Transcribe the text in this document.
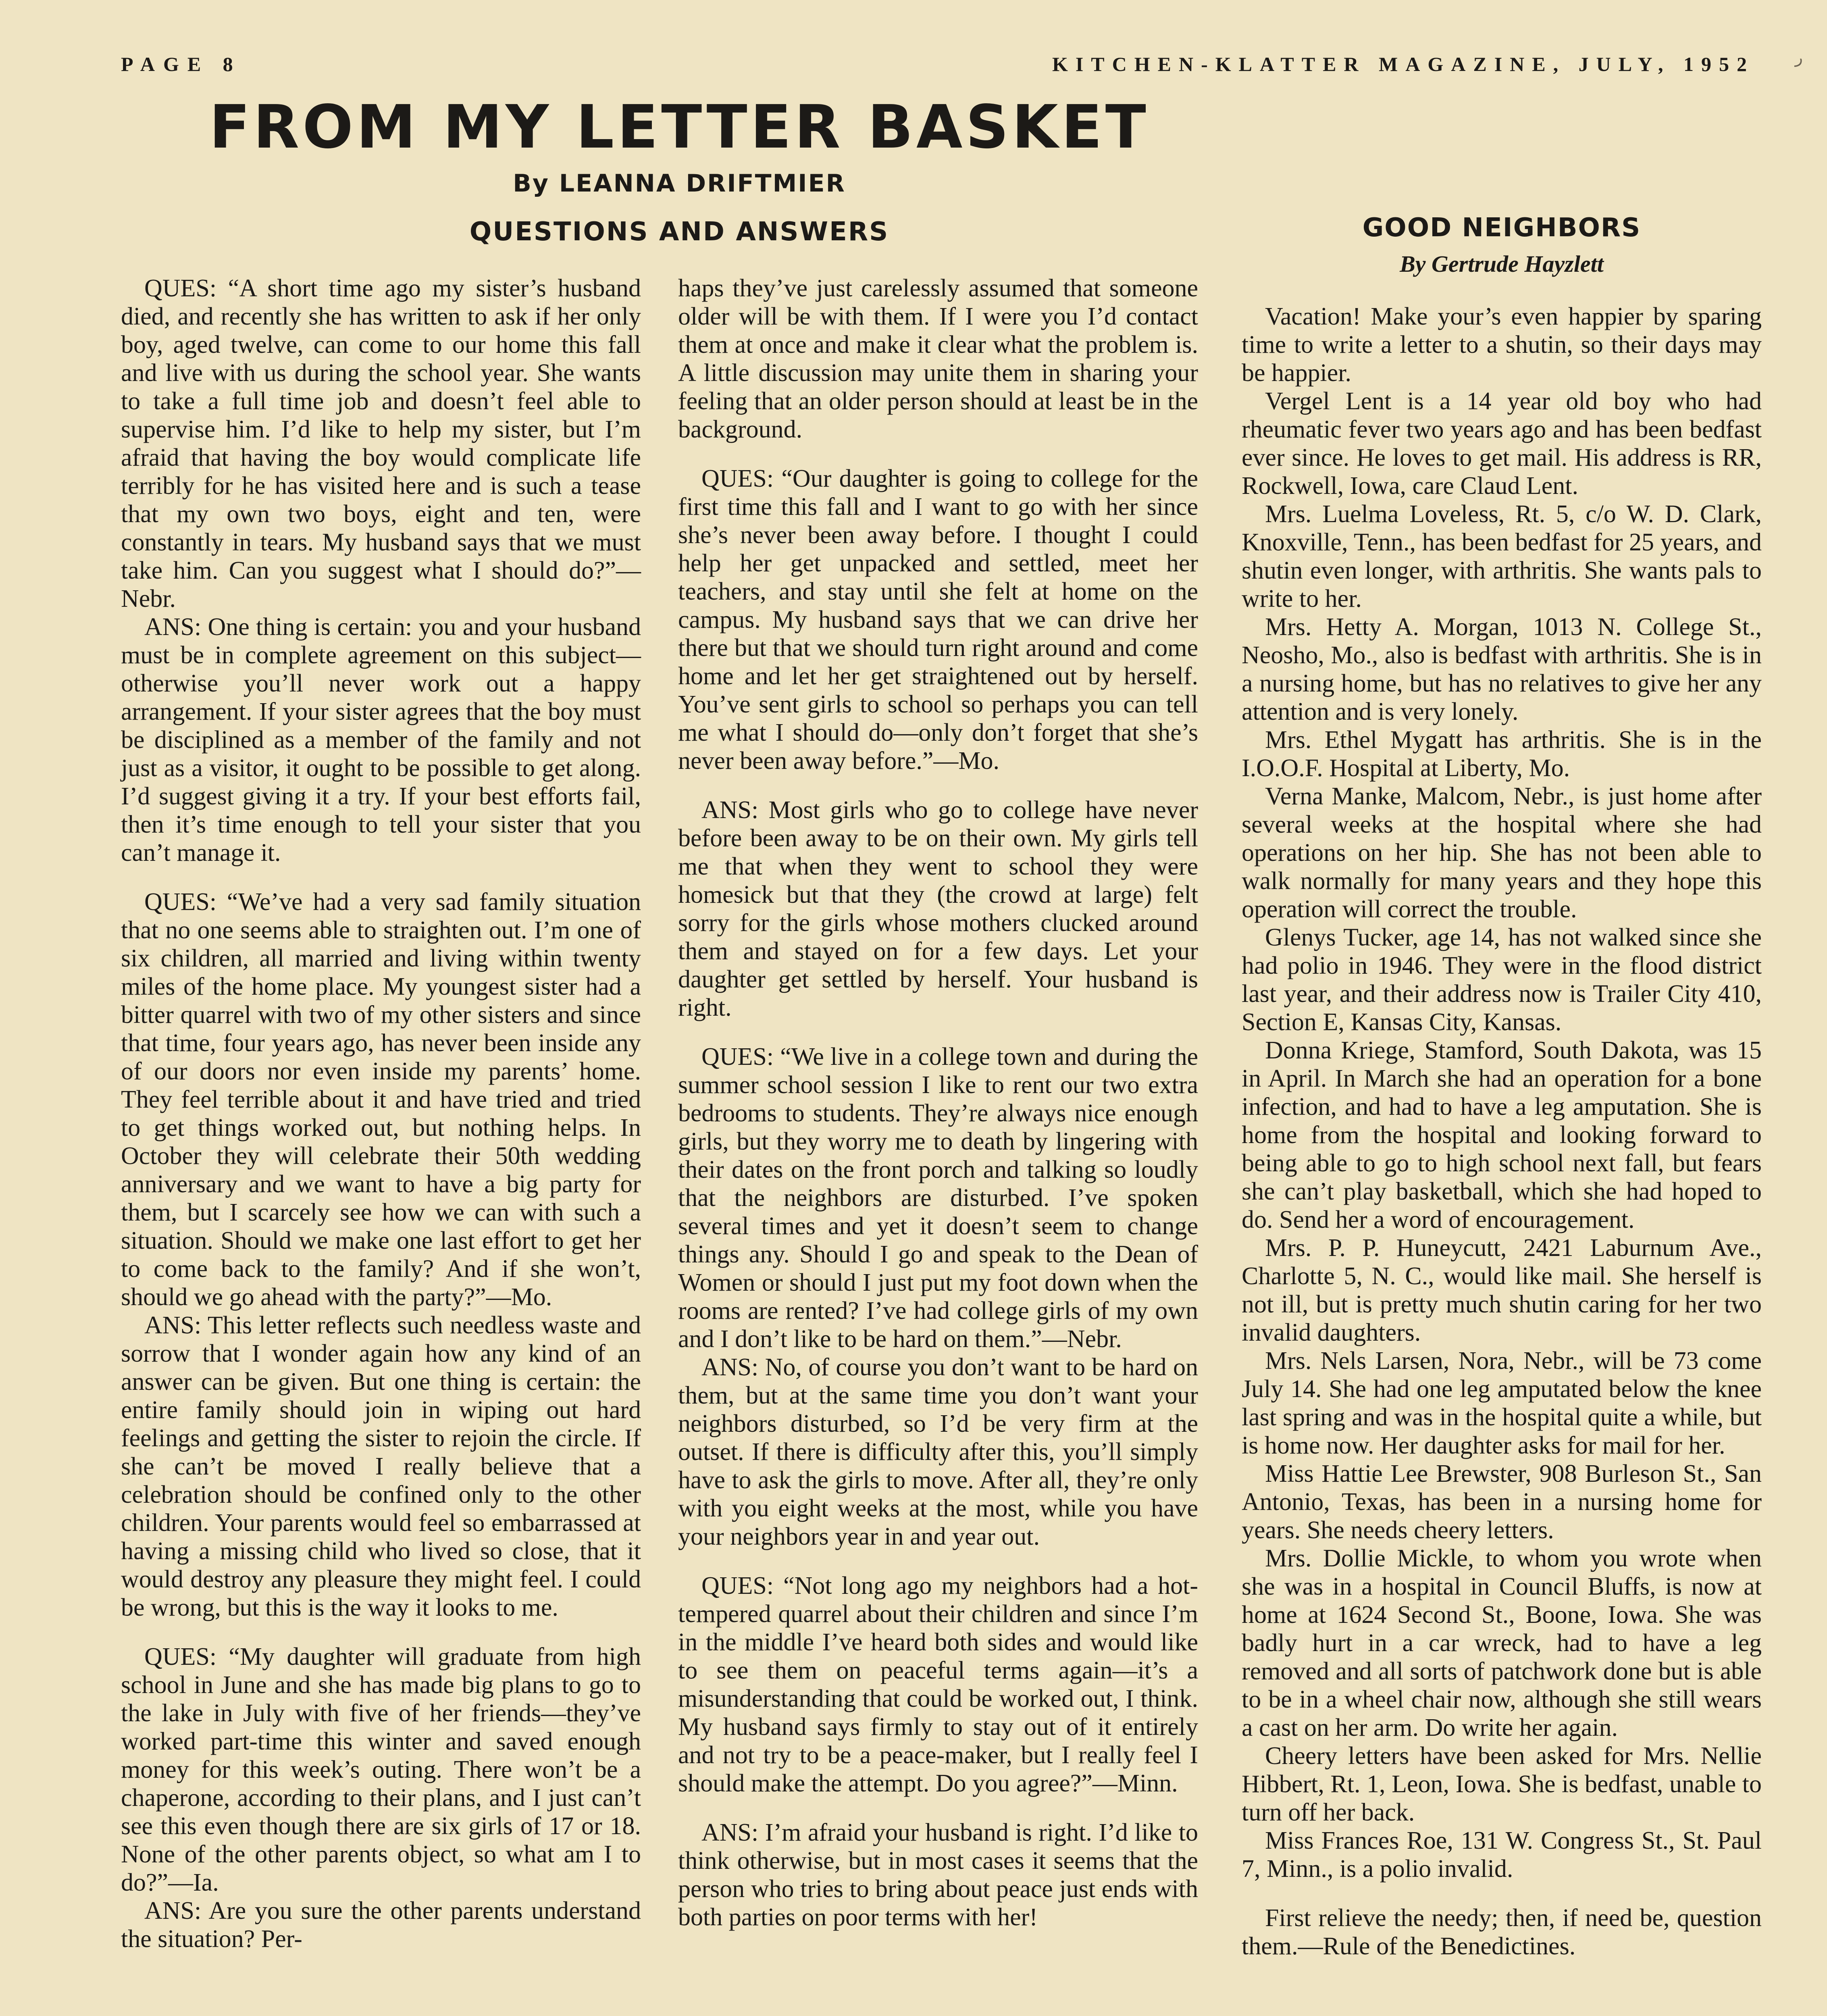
PAGE 8	KITCHEN-KLATTER MAGAZINE, JULY, 1952	ر
FROM MY LETTER BASKET
By LEANNA DRIFTMIER
QUESTIONS AND ANSWERS

QUES: “A short time ago my sister’s husband died, and recently she has written to ask if her only boy, aged twelve, can come to our home this fall and live with us during the school year. She wants to take a full time job and doesn’t feel able to supervise him. I’d like to help my sister, but I’m afraid that having the boy would complicate life terribly for he has visited here and is such a tease that my own two boys, eight and ten, were constantly in tears. My husband says that we must take him. Can you suggest what I should do?”—Nebr.

ANS: One thing is certain: you and your husband must be in complete agreement on this subject—otherwise you’ll never work out a happy arrangement. If your sister agrees that the boy must be disciplined as a member of the family and not just as a visitor, it ought to be possible to get along. I’d suggest giving it a try. If your best efforts fail, then it’s time enough to tell your sister that you can’t manage it.

QUES: “We’ve had a very sad family situation that no one seems able to straighten out. I’m one of six children, all married and living within twenty miles of the home place. My youngest sister had a bitter quarrel with two of my other sisters and since that time, four years ago, has never been inside any of our doors nor even inside my parents’ home. They feel terrible about it and have tried and tried to get things worked out, but nothing helps. In October they will celebrate their 50th wedding anniversary and we want to have a big party for them, but I scarcely see how we can with such a situation. Should we make one last effort to get her to come back to the family? And if she won’t, should we go ahead with the party?”—Mo.

ANS: This letter reflects such needless waste and sorrow that I wonder again how any kind of an answer can be given. But one thing is certain: the entire family should join in wiping out hard feelings and getting the sister to rejoin the circle. If she can’t be moved I really believe that a celebration should be confined only to the other children. Your parents would feel so embarrassed at having a missing child who lived so close, that it would destroy any pleasure they might feel. I could be wrong, but this is the way it looks to me.

QUES: “My daughter will graduate from high school in June and she has made big plans to go to the lake in July with five of her friends—they’ve worked part-time this winter and saved enough money for this week’s outing. There won’t be a chaperone, according to their plans, and I just can’t see this even though there are six girls of 17 or 18. None of the other parents object, so what am I to do?”—Ia.

ANS: Are you sure the other parents understand the situation? Per-

haps they’ve just carelessly assumed that someone older will be with them. If I were you I’d contact them at once and make it clear what the problem is. A little discussion may unite them in sharing your feeling that an older person should at least be in the background.

QUES: “Our daughter is going to college for the first time this fall and I want to go with her since she’s never been away before. I thought I could help her get unpacked and settled, meet her teachers, and stay until she felt at home on the campus. My husband says that we can drive her there but that we should turn right around and come home and let her get straightened out by herself. You’ve sent girls to school so perhaps you can tell me what I should do—only don’t forget that she’s never been away before.”—Mo.

ANS: Most girls who go to college have never before been away to be on their own. My girls tell me that when they went to school they were homesick but that they (the crowd at large) felt sorry for the girls whose mothers clucked around them and stayed on for a few days. Let your daughter get settled by herself. Your husband is right.

QUES: “We live in a college town and during the summer school session I like to rent our two extra bedrooms to students. They’re always nice enough girls, but they worry me to death by lingering with their dates on the front porch and talking so loudly that the neighbors are disturbed. I’ve spoken several times and yet it doesn’t seem to change things any. Should I go and speak to the Dean of Women or should I just put my foot down when the rooms are rented? I’ve had college girls of my own and I don’t like to be hard on them.”—Nebr.

ANS: No, of course you don’t want to be hard on them, but at the same time you don’t want your neighbors disturbed, so I’d be very firm at the outset. If there is difficulty after this, you’ll simply have to ask the girls to move. After all, they’re only with you eight weeks at the most, while you have your neighbors year in and year out.

QUES: “Not long ago my neighbors had a hot-tempered quarrel about their children and since I’m in the middle I’ve heard both sides and would like to see them on peaceful terms again—it’s a misunderstanding that could be worked out, I think. My husband says firmly to stay out of it entirely and not try to be a peace-maker, but I really feel I should make the attempt. Do you agree?”—Minn.

ANS: I’m afraid your husband is right. I’d like to think otherwise, but in most cases it seems that the person who tries to bring about peace just ends with both parties on poor terms with her!

GOOD NEIGHBORS

By Gertrude Hayzlett

Vacation! Make your’s even happier by sparing time to write a letter to a shutin, so their days may be happier.

Vergel Lent is a 14 year old boy who had rheumatic fever two years ago and has been bedfast ever since. He loves to get mail. His address is RR, Rockwell, Iowa, care Claud Lent.

Mrs. Luelma Loveless, Rt. 5, c/o W. D. Clark, Knoxville, Tenn., has been bedfast for 25 years, and shutin even longer, with arthritis. She wants pals to write to her.

Mrs. Hetty A. Morgan, 1013 N. College St., Neosho, Mo., also is bedfast with arthritis. She is in a nursing home, but has no relatives to give her any attention and is very lonely.

Mrs. Ethel Mygatt has arthritis. She is in the I.O.O.F. Hospital at Liberty, Mo.

Verna Manke, Malcom, Nebr., is just home after several weeks at the hospital where she had operations on her hip. She has not been able to walk normally for many years and they hope this operation will correct the trouble.

Glenys Tucker, age 14, has not walked since she had polio in 1946. They were in the flood district last year, and their address now is Trailer City 410, Section E, Kansas City, Kansas.

Donna Kriege, Stamford, South Dakota, was 15 in April. In March she had an operation for a bone infection, and had to have a leg amputation. She is home from the hospital and looking forward to being able to go to high school next fall, but fears she can’t play basketball, which she had hoped to do. Send her a word of encouragement.

Mrs. P. P. Huneycutt, 2421 Laburnum Ave., Charlotte 5, N. C., would like mail. She herself is not ill, but is pretty much shutin caring for her two invalid daughters.

Mrs. Nels Larsen, Nora, Nebr., will be 73 come July 14. She had one leg amputated below the knee last spring and was in the hospital quite a while, but is home now. Her daughter asks for mail for her.

Miss Hattie Lee Brewster, 908 Burleson St., San Antonio, Texas, has been in a nursing home for years. She needs cheery letters.

Mrs. Dollie Mickle, to whom you wrote when she was in a hospital in Council Bluffs, is now at home at 1624 Second St., Boone, Iowa. She was badly hurt in a car wreck, had to have a leg removed and all sorts of patchwork done but is able to be in a wheel chair now, although she still wears a cast on her arm. Do write her again.

Cheery letters have been asked for Mrs. Nellie Hibbert, Rt. 1, Leon, Iowa. She is bedfast, unable to turn off her back.

Miss Frances Roe, 131 W. Congress St., St. Paul 7, Minn., is a polio invalid.

First relieve the needy; then, if need be, question them.—Rule of the Benedictines.
